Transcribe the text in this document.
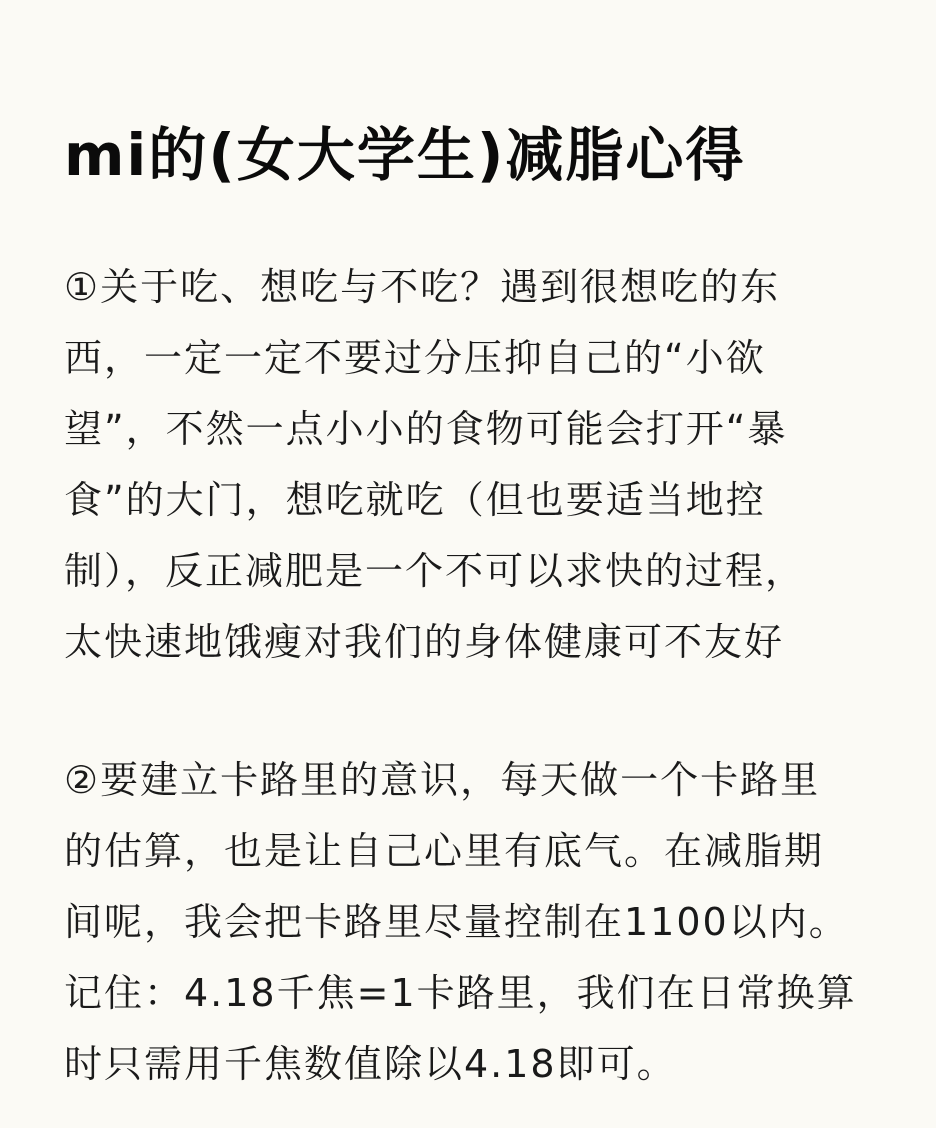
mi的(女大学生)减脂心得
①关于吃、想吃与不吃？遇到很想吃的东
西，一定一定不要过分压抑自己的“小欲
望”，不然一点小小的食物可能会打开“暴
食”的大门，想吃就吃（但也要适当地控
制），反正减肥是一个不可以求快的过程，
太快速地饿瘦对我们的身体健康可不友好
②要建立卡路里的意识，每天做一个卡路里
的估算，也是让自己心里有底气。在减脂期
间呢，我会把卡路里尽量控制在1100以内。
记住：4.18千焦=1卡路里，我们在日常换算
时只需用千焦数值除以4.18即可。
